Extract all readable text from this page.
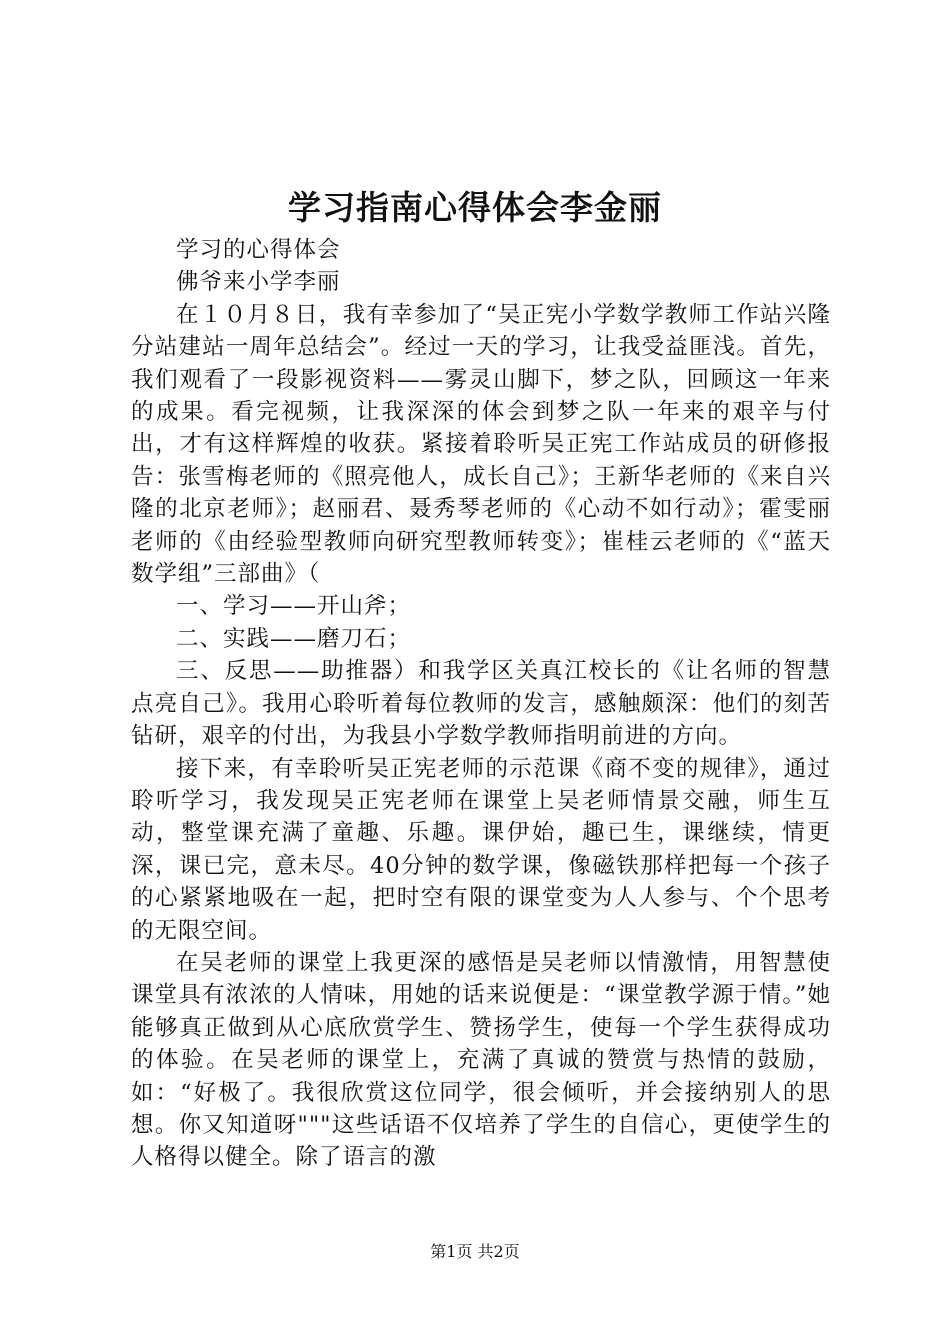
学习指南心得体会李金丽

学习的心得体会

佛爷来小学李丽

在１０月８日，我有幸参加了“吴正宪小学数学教师工作站兴隆分站建站一周年总结会”。经过一天的学习，让我受益匪浅。首先，我们观看了一段影视资料——雾灵山脚下，梦之队，回顾这一年来的成果。看完视频，让我深深的体会到梦之队一年来的艰辛与付出，才有这样辉煌的收获。紧接着聆听吴正宪工作站成员的研修报告：张雪梅老师的《照亮他人，成长自己》；王新华老师的《来自兴隆的北京老师》；赵丽君、聂秀琴老师的《心动不如行动》；霍雯丽老师的《由经验型教师向研究型教师转变》；崔桂云老师的《“蓝天数学组”三部曲》（

一、学习——开山斧；

二、实践——磨刀石；

三、反思——助推器）和我学区关真江校长的《让名师的智慧点亮自己》。我用心聆听着每位教师的发言，感触颇深：他们的刻苦钻研，艰辛的付出，为我县小学数学教师指明前进的方向。

接下来，有幸聆听吴正宪老师的示范课《商不变的规律》，通过聆听学习，我发现吴正宪老师在课堂上吴老师情景交融，师生互动，整堂课充满了童趣、乐趣。课伊始，趣已生，课继续，情更深，课已完，意未尽。40分钟的数学课，像磁铁那样把每一个孩子的心紧紧地吸在一起，把时空有限的课堂变为人人参与、个个思考的无限空间。

在吴老师的课堂上我更深的感悟是吴老师以情激情，用智慧使课堂具有浓浓的人情味，用她的话来说便是：“课堂教学源于情。”她能够真正做到从心底欣赏学生、赞扬学生，使每一个学生获得成功的体验。在吴老师的课堂上，充满了真诚的赞赏与热情的鼓励，如：“好极了。我很欣赏这位同学，很会倾听，并会接纳别人的思想。你又知道呀"""这些话语不仅培养了学生的自信心，更使学生的人格得以健全。除了语言的激

第1页 共2页
